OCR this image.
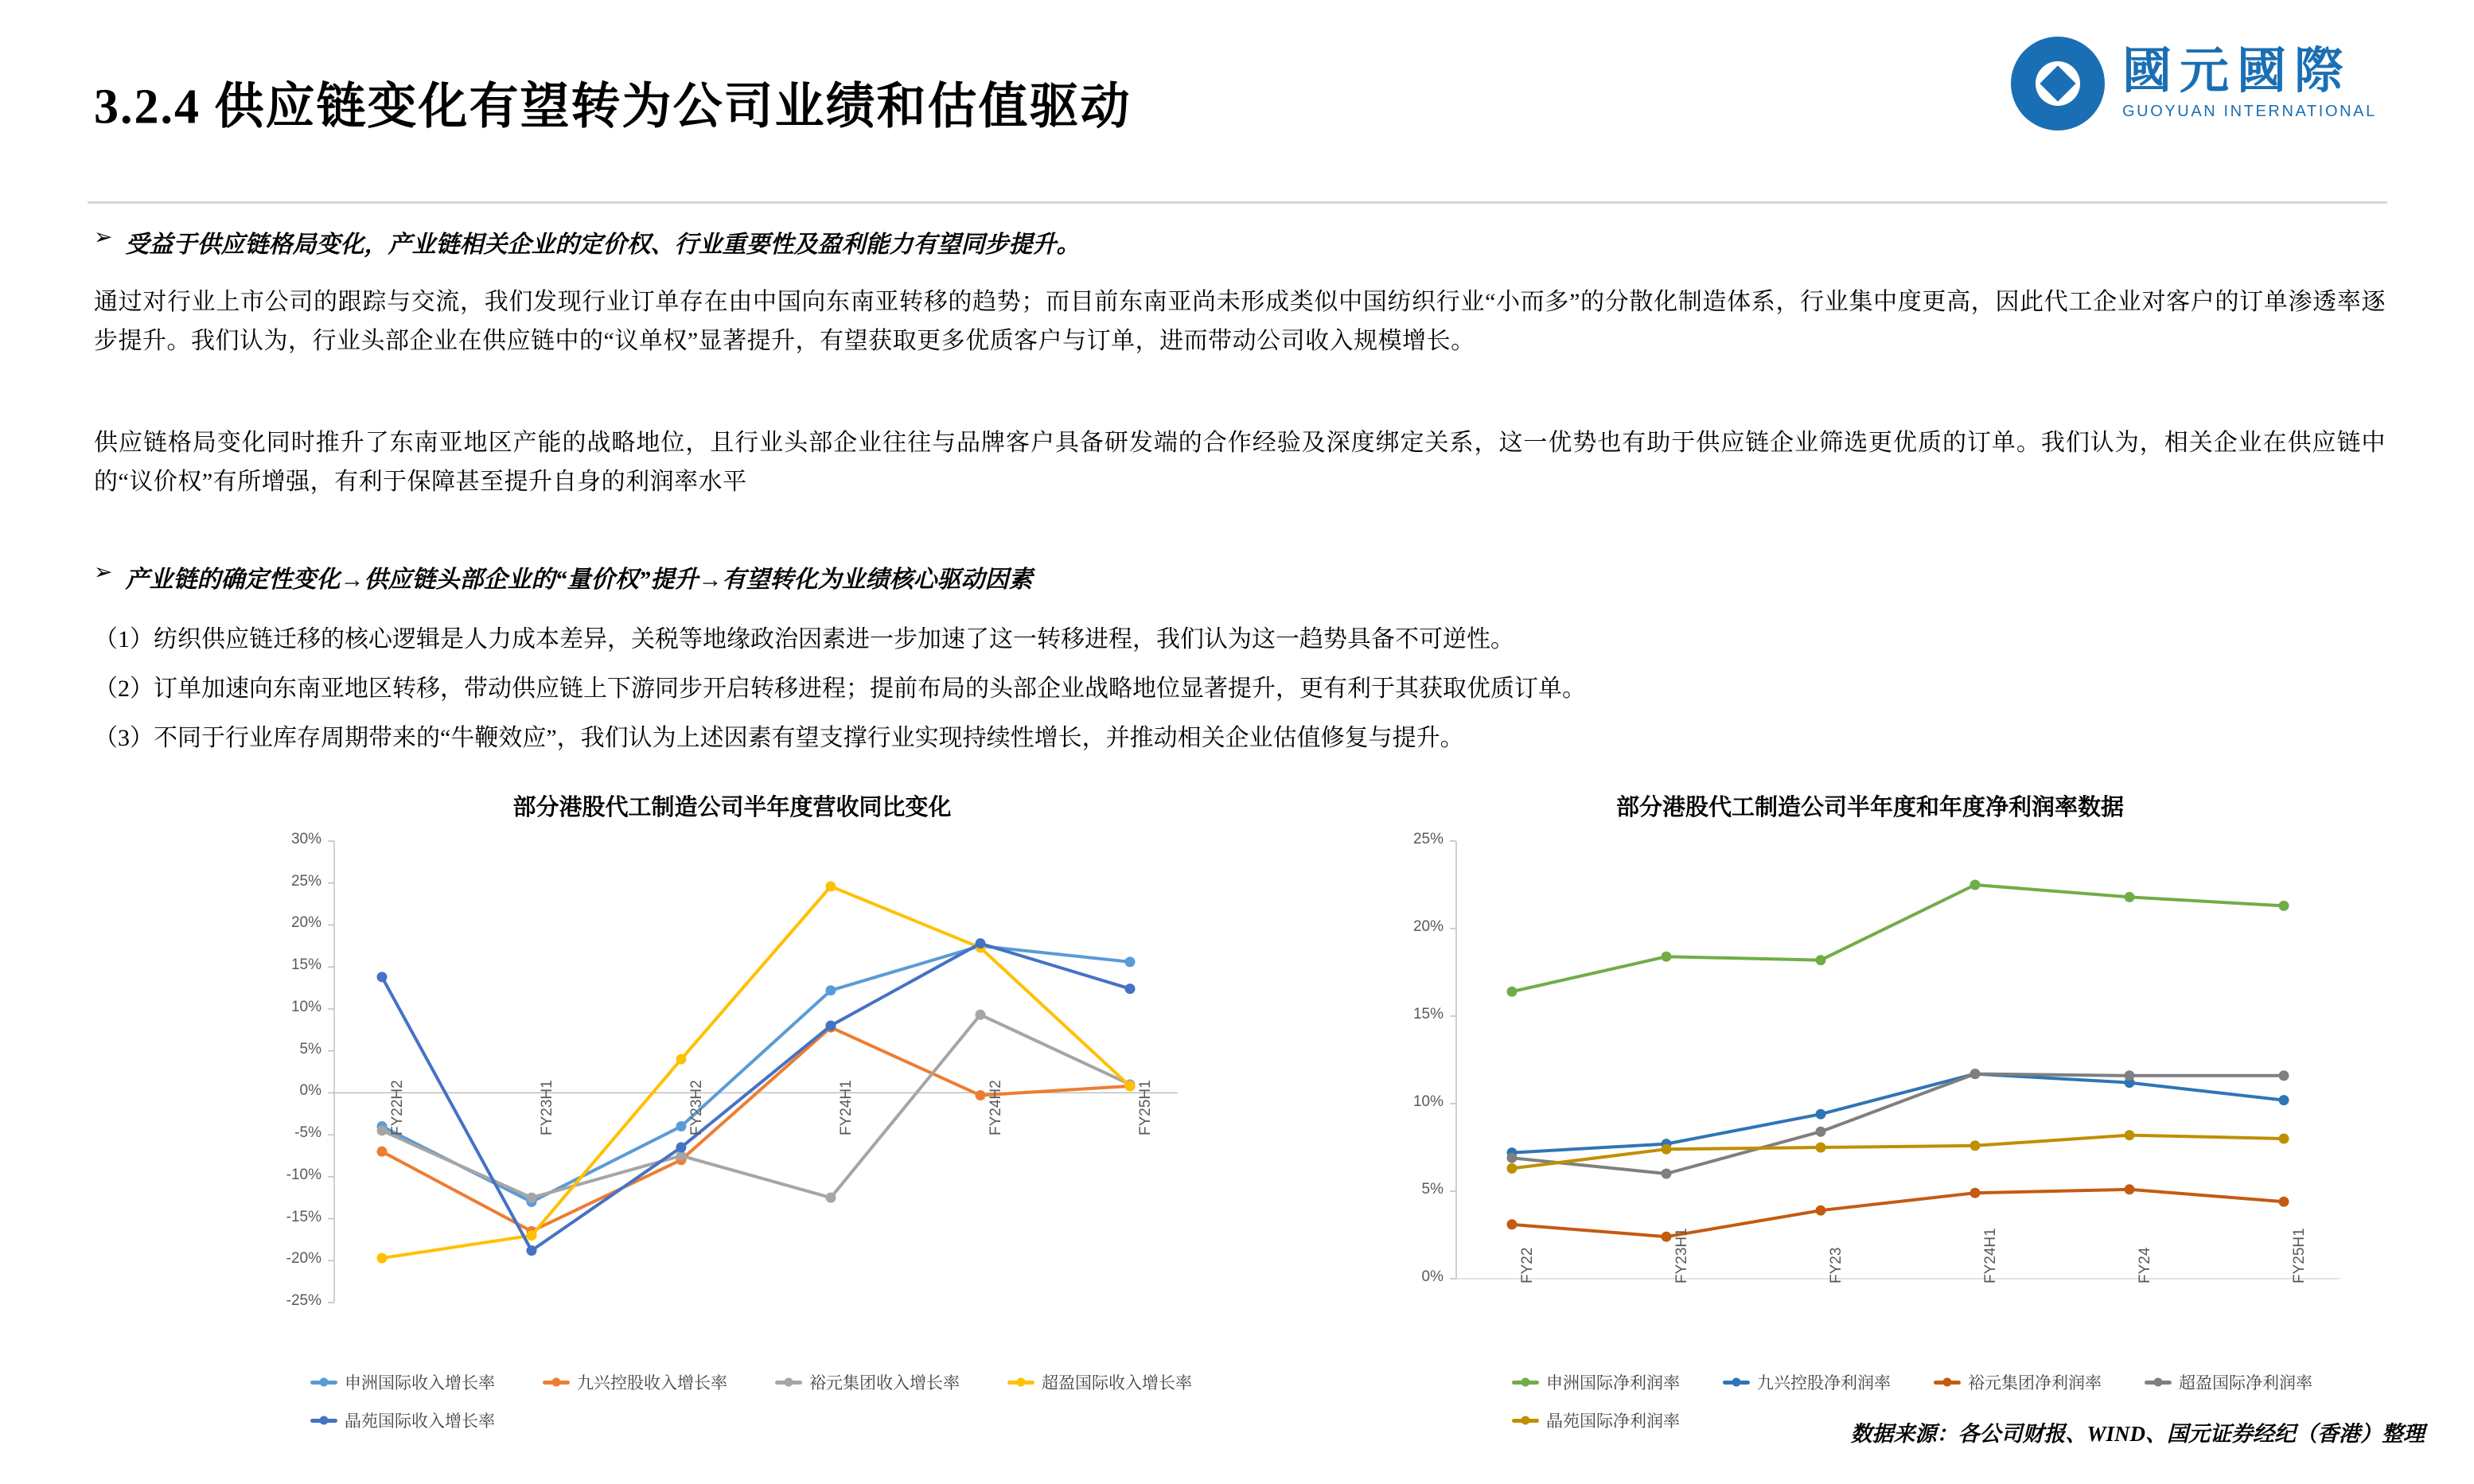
國元國際
GUOYUAN INTERNATIONAL
3.2.4 供应链变化有望转为公司业绩和估值驱动
➢ 受益于供应链格局变化，产业链相关企业的定价权、行业重要性及盈利能力有望同步提升。
通过对行业上市公司的跟踪与交流，我们发现行业订单存在由中国向东南亚转移的趋势；而目前东南亚尚未形成类似中国纺织行业“小而多”的分散化制造体系，行业集中度更高，因此代工企业对客户的订单渗透率逐步提升。我们认为，行业头部企业在供应链中的“议单权”显著提升，有望获取更多优质客户与订单，进而带动公司收入规模增长。
供应链格局变化同时推升了东南亚地区产能的战略地位，且行业头部企业往往与品牌客户具备研发端的合作经验及深度绑定关系，这一优势也有助于供应链企业筛选更优质的订单。我们认为，相关企业在供应链中的“议价权”有所增强，有利于保障甚至提升自身的利润率水平
➢ 产业链的确定性变化→供应链头部企业的“量价权”提升→有望转化为业绩核心驱动因素
（1）纺织供应链迁移的核心逻辑是人力成本差异，关税等地缘政治因素进一步加速了这一转移进程，我们认为这一趋势具备不可逆性。
（2）订单加速向东南亚地区转移，带动供应链上下游同步开启转移进程；提前布局的头部企业战略地位显著提升，更有利于其获取优质订单。
（3）不同于行业库存周期带来的“牛鞭效应”，我们认为上述因素有望支撑行业实现持续性增长，并推动相关企业估值修复与提升。
部分港股代工制造公司半年度营收同比变化
-25%
-20%
-15%
-10%
-5%
0%
5%
10%
15%
20%
25%
30%
FY22H2	FY23H1	FY23H2	FY24H1	FY24H2	FY25H1
申洲国际收入增长率	九兴控股收入增长率	裕元集团收入增长率	超盈国际收入增长率
晶苑国际收入增长率
部分港股代工制造公司半年度和年度净利润率数据
0%
5%
10%
15%
20%
25%
FY22	FY23H1	FY23	FY24H1	FY24	FY25H1
申洲国际净利润率	九兴控股净利润率	裕元集团净利润率	超盈国际净利润率
晶苑国际净利润率
数据来源：各公司财报、WIND、国元证券经纪（香港）整理
